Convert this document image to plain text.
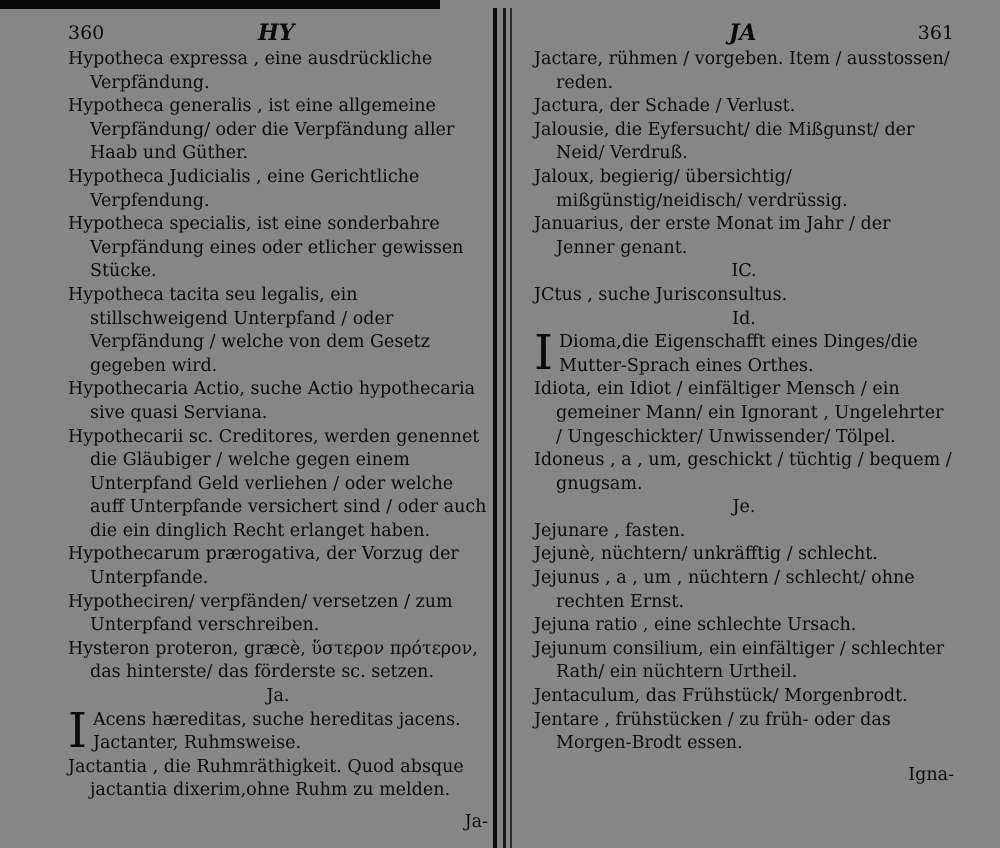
360	HY

Hypotheca expressa , eine ausdrückliche Verpfändung.

Hypotheca generalis , ist eine allgemeine Verpfändung/ oder die Verpfändung aller Haab und Güther.

Hypotheca Judicialis , eine Gerichtliche Verpfendung.

Hypotheca specialis, ist eine sonderbahre Verpfändung eines oder etlicher gewissen Stücke.

Hypotheca tacita seu legalis, ein stillschweigend Unterpfand / oder Verpfändung / welche von dem Gesetz gegeben wird.

Hypothecaria Actio, suche Actio hypothecaria sive quasi Serviana.

Hypothecarii sc. Creditores, werden genennet die Gläubiger / welche gegen einem Unterpfand Geld verliehen / oder welche auff Unterpfande versichert sind / oder auch die ein dinglich Recht erlanget haben.

Hypothecarum prærogativa, der Vorzug der Unterpfande.

Hypotheciren/ verpfänden/ versetzen / zum Unterpfand verschreiben.

Hysteron proteron, græcè, ὕστερον πρότερον, das hinterste/ das förderste sc. setzen.

Ja.
I Acens hæreditas, suche hereditas jacens.
Jactanter, Ruhmsweise.

Jactantia , die Ruhmräthigkeit. Quod absque jactantia dixerim,ohne Ruhm zu melden.

Ja-
JA	361

Jactare, rühmen / vorgeben. Item / ausstossen/ reden.

Jactura, der Schade / Verlust.

Jalousie, die Eyfersucht/ die Mißgunst/ der Neid/ Verdruß.

Jaloux, begierig/ übersichtig/ mißgünstig/neidisch/ verdrüssig.

Januarius, der erste Monat im Jahr / der Jenner genant.

IC.

JCtus , suche Jurisconsultus.

Id.
I Dioma,die Eigenschafft eines Dinges/die Mutter-Sprach eines Orthes.

Idiota, ein Idiot / einfältiger Mensch / ein gemeiner Mann/ ein Ignorant , Ungelehrter / Ungeschickter/ Unwissender/ Tölpel.

Idoneus , a , um, geschickt / tüchtig / bequem / gnugsam.

Je.

Jejunare , fasten.

Jejunè, nüchtern/ unkräfftig / schlecht.

Jejunus , a , um , nüchtern / schlecht/ ohne rechten Ernst.

Jejuna ratio , eine schlechte Ursach.

Jejunum consilium, ein einfältiger / schlechter Rath/ ein nüchtern Urtheil.

Jentaculum, das Frühstück/ Morgenbrodt.

Jentare , frühstücken / zu früh- oder das Morgen-Brodt essen.

Igna-
